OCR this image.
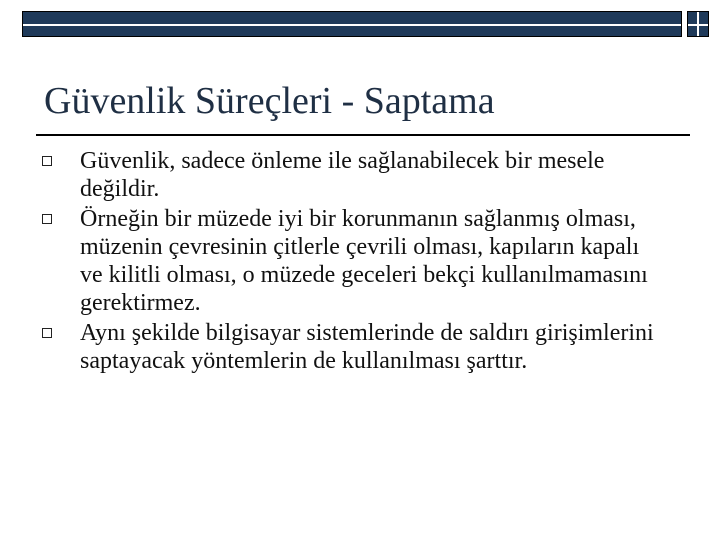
Güvenlik Süreçleri - Saptama
Güvenlik, sadece önleme ile sağlanabilecek bir mesele değildir.
Örneğin bir müzede iyi bir korunmanın sağlanmış olması, müzenin çevresinin çitlerle çevrili olması, kapıların kapalı ve kilitli olması, o müzede geceleri bekçi kullanılmamasını gerektirmez.
Aynı şekilde bilgisayar sistemlerinde de saldırı girişimlerini saptayacak yöntemlerin de kullanılması şarttır.
